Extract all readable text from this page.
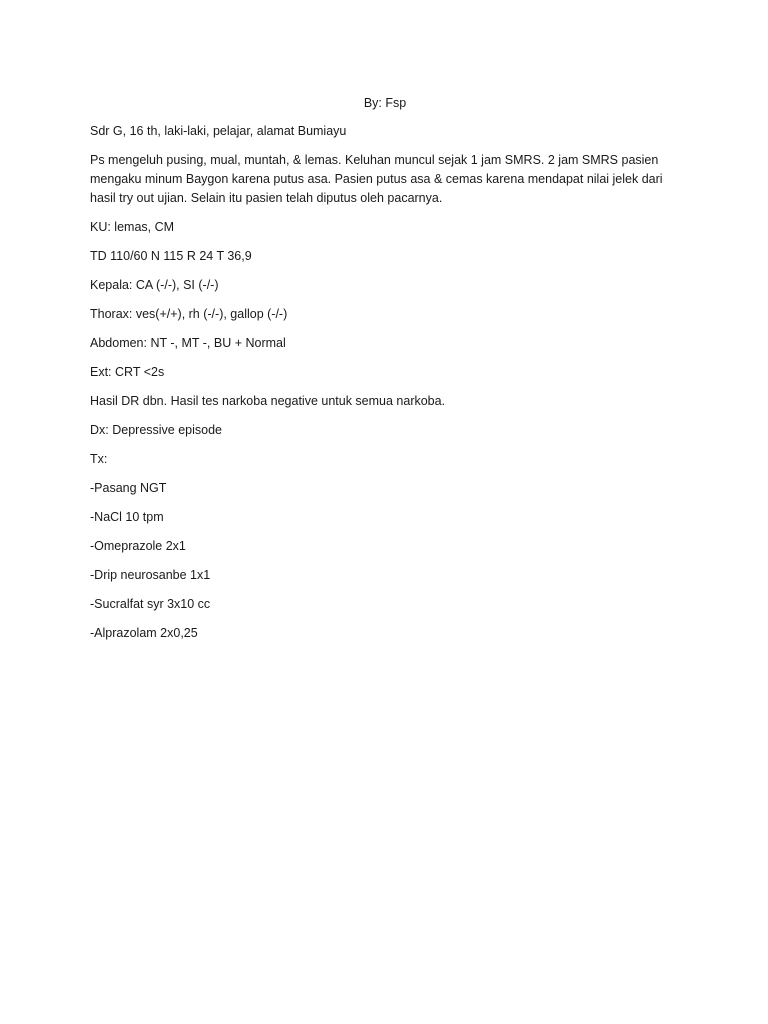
By: Fsp

Sdr G, 16 th, laki-laki, pelajar, alamat Bumiayu

Ps mengeluh pusing, mual, muntah, & lemas. Keluhan muncul sejak 1 jam SMRS. 2 jam SMRS pasien mengaku minum Baygon karena putus asa. Pasien putus asa & cemas karena mendapat nilai jelek dari hasil try out ujian. Selain itu pasien telah diputus oleh pacarnya.

KU: lemas, CM

TD 110/60 N 115 R 24 T 36,9

Kepala: CA (-/-), SI (-/-)

Thorax: ves(+/+), rh (-/-), gallop (-/-)

Abdomen: NT -, MT -, BU + Normal

Ext: CRT <2s

Hasil DR dbn. Hasil tes narkoba negative untuk semua narkoba.

Dx: Depressive episode

Tx:

-Pasang NGT

-NaCl 10 tpm

-Omeprazole 2x1

-Drip neurosanbe 1x1

-Sucralfat syr 3x10 cc

-Alprazolam 2x0,25
